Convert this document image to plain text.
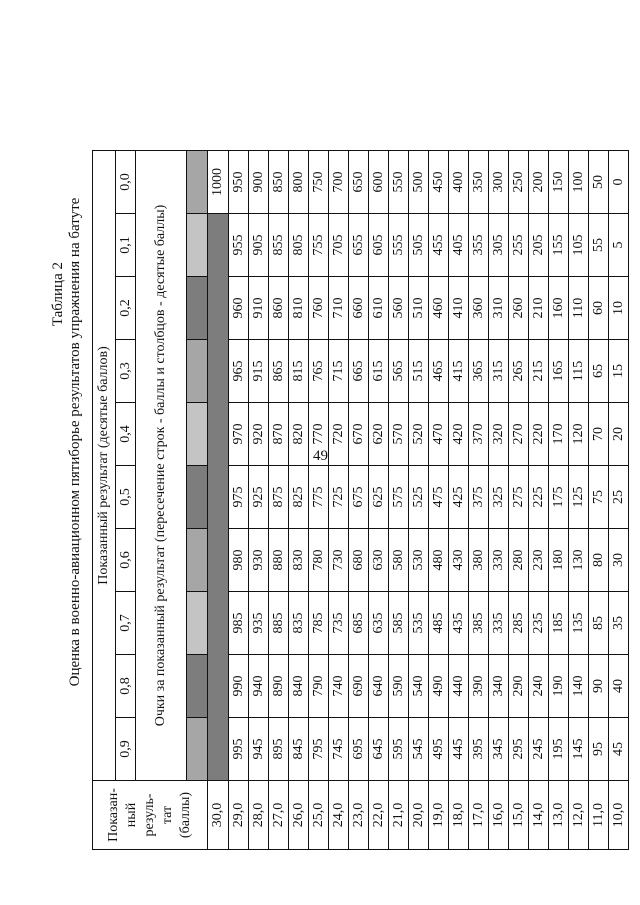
49
Таблица 2 Оценка в военно-авиационном пятиборье результатов упражнения на батуте
Показан- ный резуль- тат (баллы)	Показанный результат (десятые баллов)									
	0,9	0,8	0,7	0,6	0,5	0,4	0,3	0,2	0,1	0,0
	Очки за показанный результат (пересечение строк - баллы и столбцов - десятые баллы)									

30,0										1000
29,0	995	990	985	980	975	970	965	960	955	950
28,0	945	940	935	930	925	920	915	910	905	900
27,0	895	890	885	880	875	870	865	860	855	850
26,0	845	840	835	830	825	820	815	810	805	800
25,0	795	790	785	780	775	770	765	760	755	750
24,0	745	740	735	730	725	720	715	710	705	700
23,0	695	690	685	680	675	670	665	660	655	650
22,0	645	640	635	630	625	620	615	610	605	600
21,0	595	590	585	580	575	570	565	560	555	550
20,0	545	540	535	530	525	520	515	510	505	500
19,0	495	490	485	480	475	470	465	460	455	450
18,0	445	440	435	430	425	420	415	410	405	400
17,0	395	390	385	380	375	370	365	360	355	350
16,0	345	340	335	330	325	320	315	310	305	300
15,0	295	290	285	280	275	270	265	260	255	250
14,0	245	240	235	230	225	220	215	210	205	200
13,0	195	190	185	180	175	170	165	160	155	150
12,0	145	140	135	130	125	120	115	110	105	100
11,0	95	90	85	80	75	70	65	60	55	50
10,0	45	40	35	30	25	20	15	10	5	0
